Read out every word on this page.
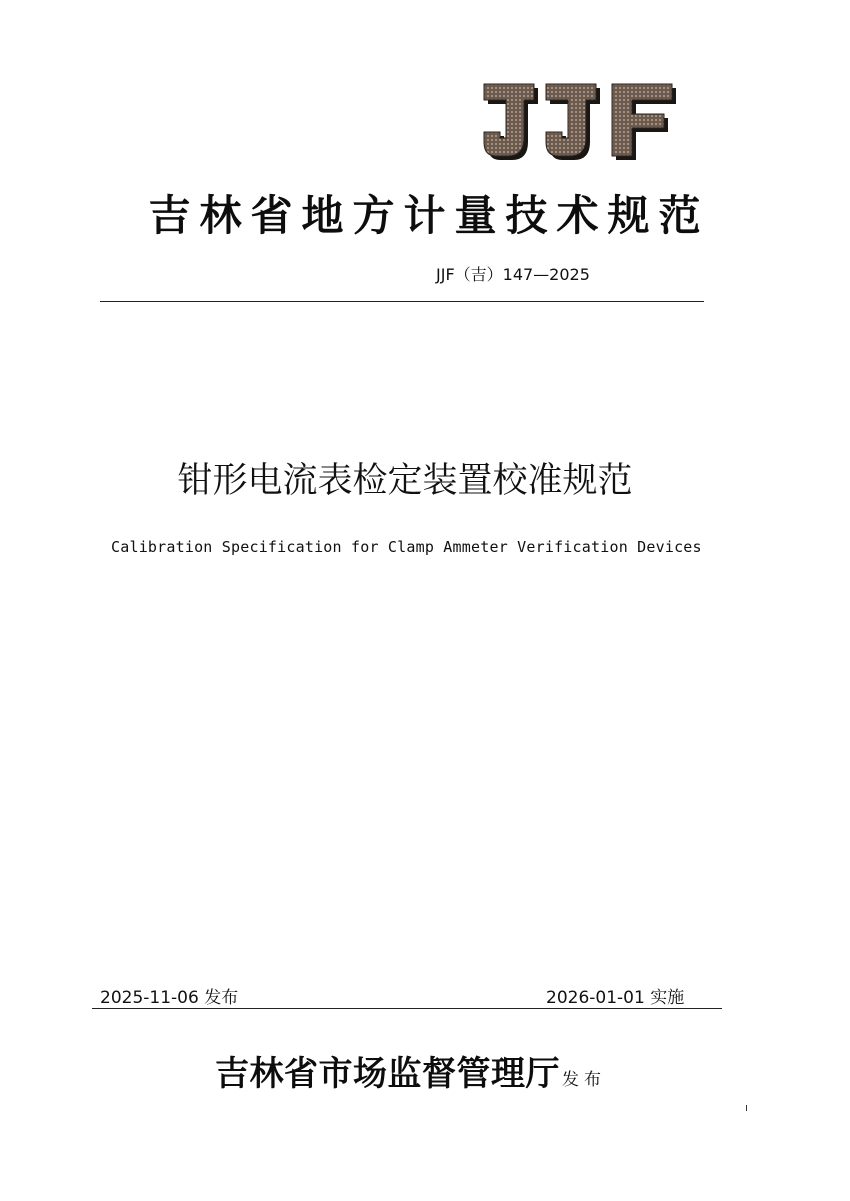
吉林省地方计量技术规范
JJF（吉）147—2025
钳形电流表检定装置校准规范
Calibration Specification for Clamp Ammeter Verification Devices
2025-11-06 发布	2026-01-01 实施
吉林省市场监督管理厅 发布
